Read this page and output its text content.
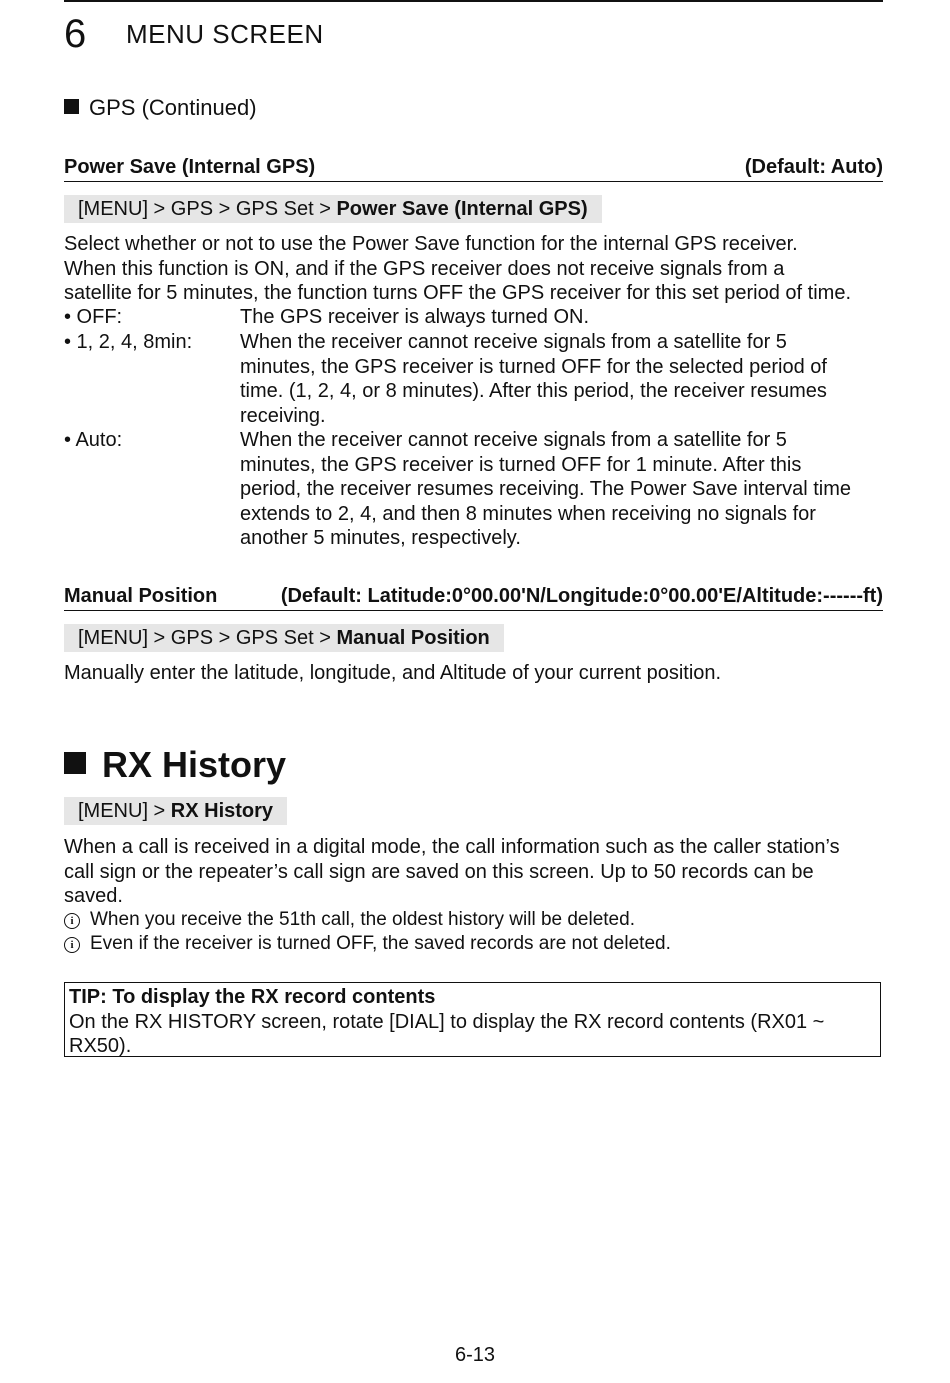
6 MENU SCREEN
GPS (Continued)
Power Save (Internal GPS)	(Default: Auto)
[MENU] > GPS > GPS Set > Power Save (Internal GPS)
Select whether or not to use the Power Save function for the internal GPS receiver.
When this function is ON, and if the GPS receiver does not receive signals from a
satellite for 5 minutes, the function turns OFF the GPS receiver for this set period of time.
• OFF:	The GPS receiver is always turned ON.
• 1, 2, 4, 8min: When the receiver cannot receive signals from a satellite for 5
minutes, the GPS receiver is turned OFF for the selected period of
time. (1, 2, 4, or 8 minutes). After this period, the receiver resumes
receiving.
• Auto:	When the receiver cannot receive signals from a satellite for 5
minutes, the GPS receiver is turned OFF for 1 minute. After this
period, the receiver resumes receiving. The Power Save interval time
extends to 2, 4, and then 8 minutes when receiving no signals for
another 5 minutes, respectively.
Manual Position	(Default: Latitude:0°00.00'N/Longitude:0°00.00'E/Altitude:------ft)
[MENU] > GPS > GPS Set > Manual Position
Manually enter the latitude, longitude, and Altitude of your current position.
RX History
[MENU] > RX History
When a call is received in a digital mode, the call information such as the caller station’s
call sign or the repeater’s call sign are saved on this screen. Up to 50 records can be
saved.
i When you receive the 51th call, the oldest history will be deleted.
i Even if the receiver is turned OFF, the saved records are not deleted.
TIP: To display the RX record contents
On the RX HISTORY screen, rotate [DIAL] to display the RX record contents (RX01 ~
RX50).
6-13
